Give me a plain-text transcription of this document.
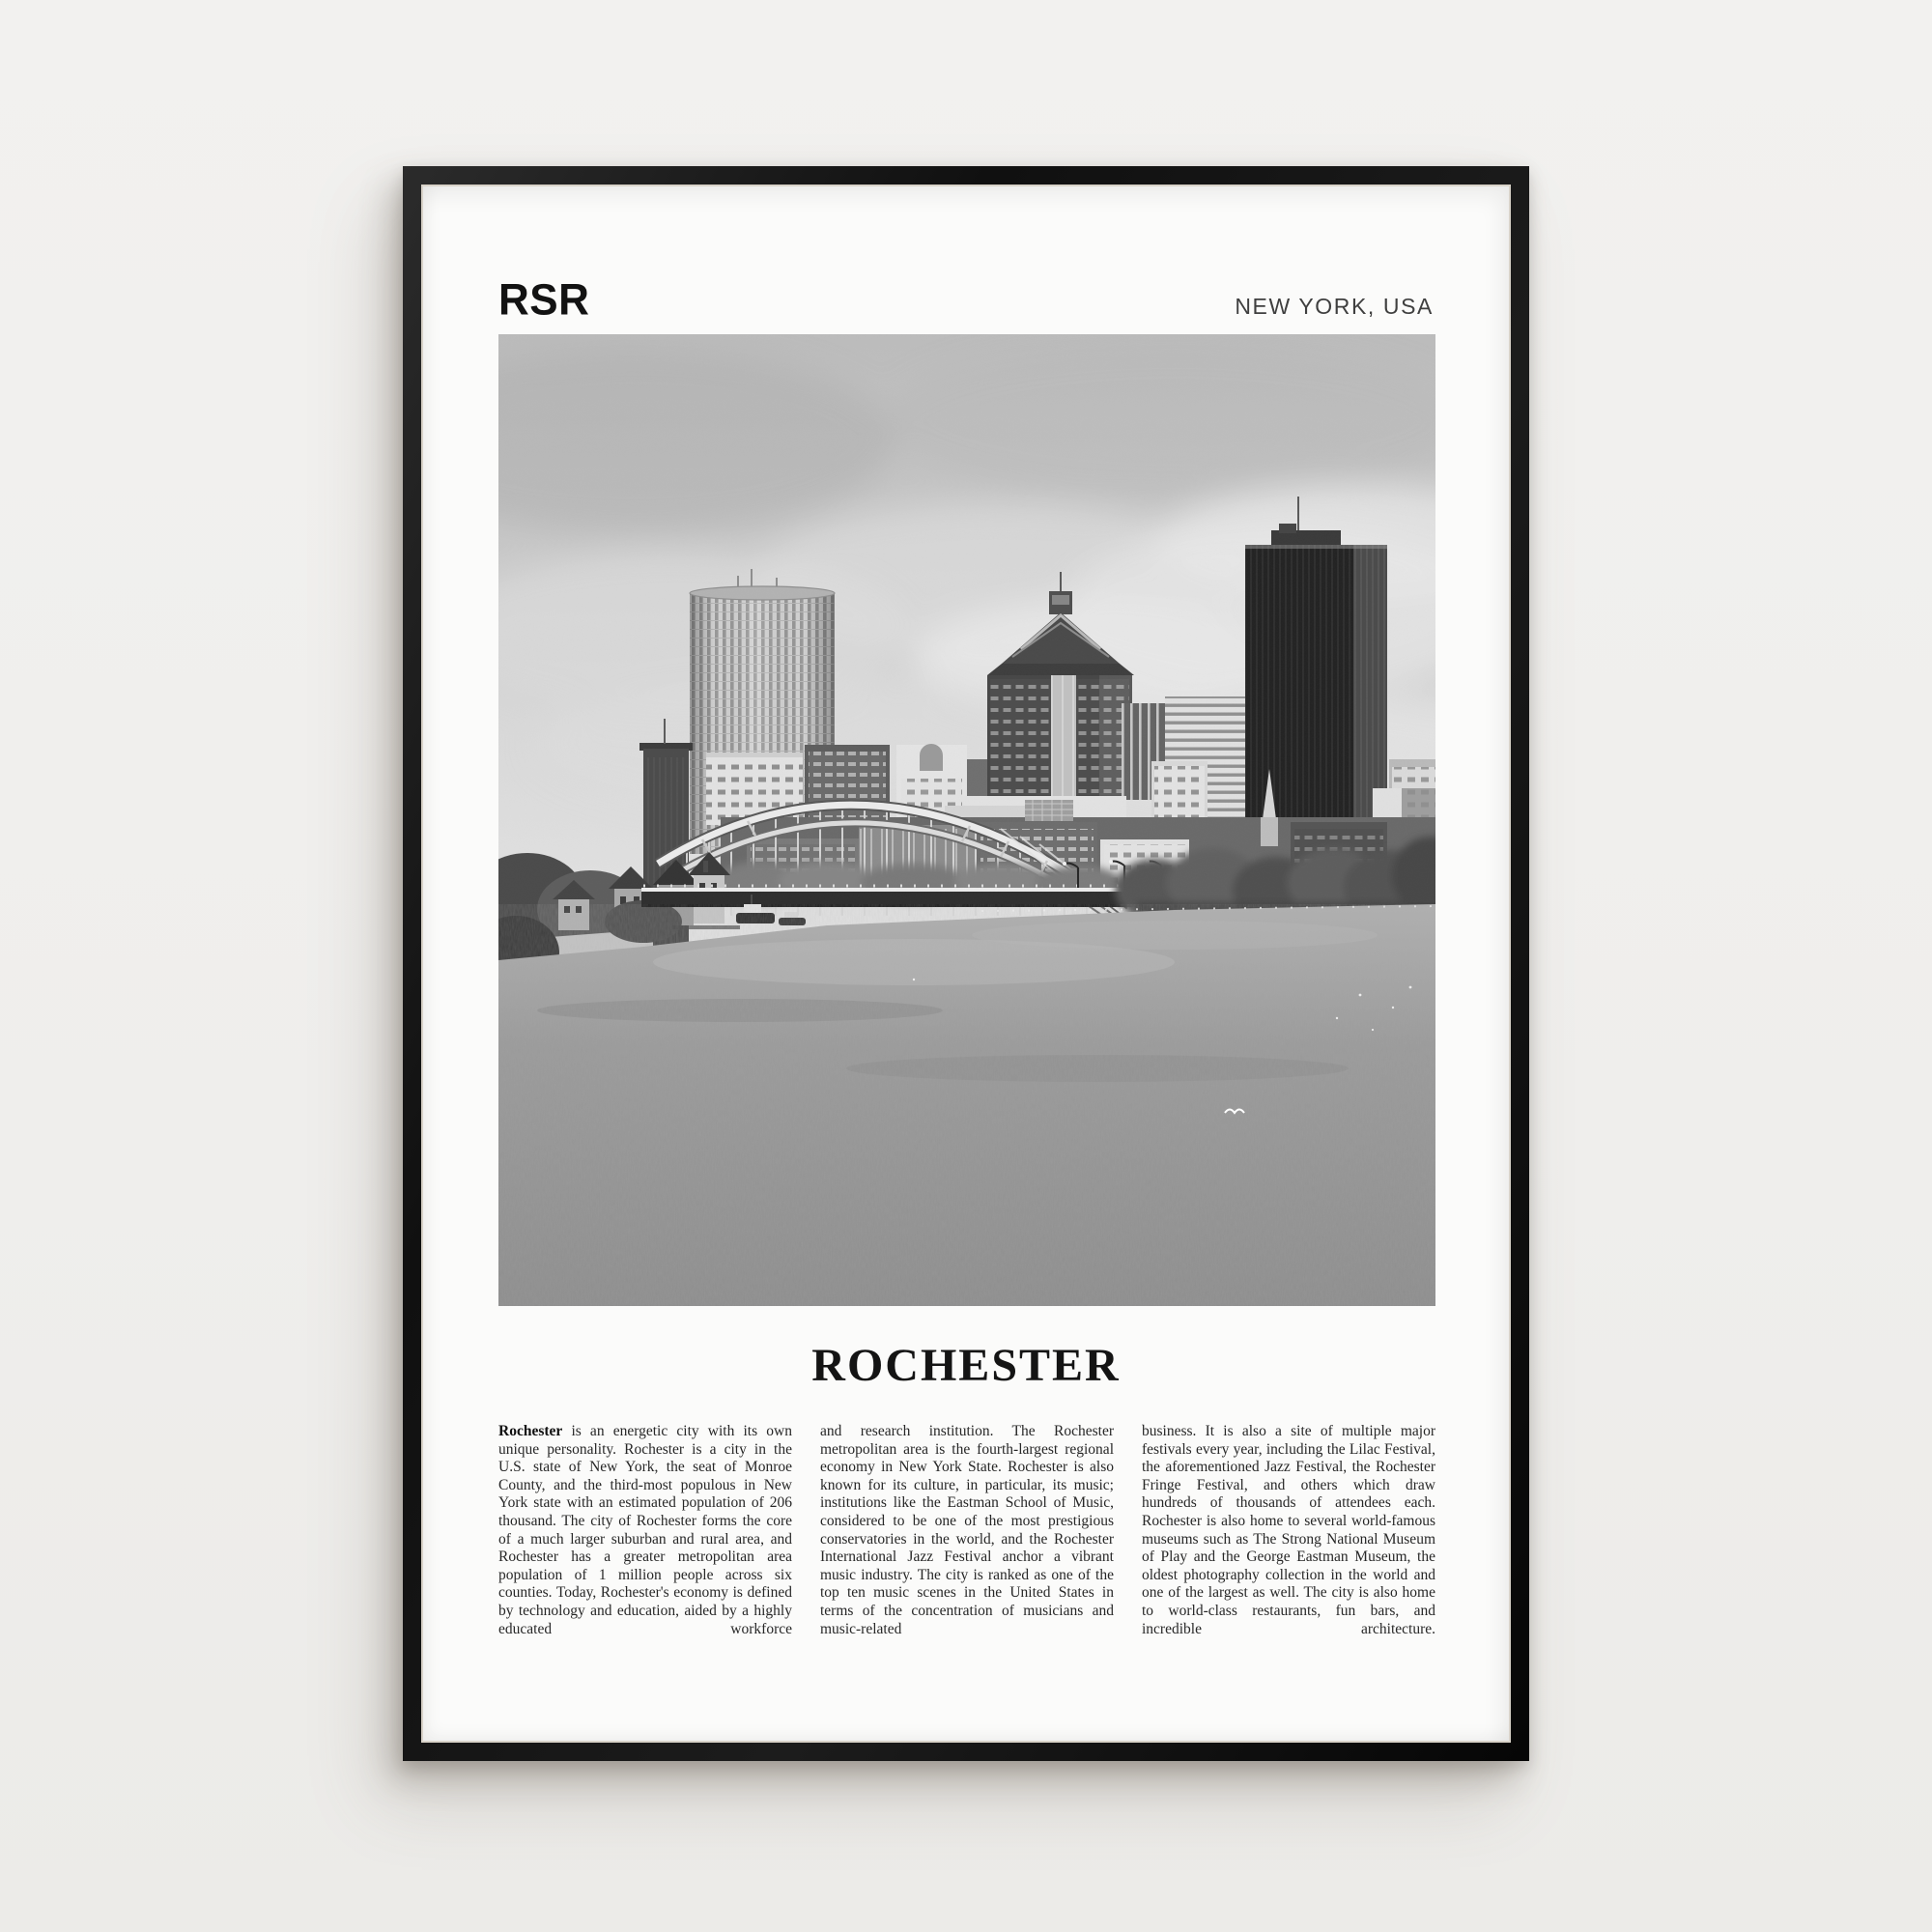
RSR	NEW YORK, USA
ROCHESTER

Rochester is an energetic city with its own unique personality. Rochester is a city in the U.S. state of New York, the seat of Monroe County, and the third-most populous in New York state with an estimated population of 206 thousand. The city of Rochester forms the core of a much larger suburban and rural area, and Rochester has a greater metropolitan area population of 1 million people across six counties. Today, Rochester's economy is defined by technology and education, aided by a highly educated workforce

and research institution. The Rochester metropolitan area is the fourth-largest regional economy in New York State. Rochester is also known for its culture, in particular, its music; institutions like the Eastman School of Music, considered to be one of the most prestigious conservatories in the world, and the Rochester International Jazz Festival anchor a vibrant music industry. The city is ranked as one of the top ten music scenes in the United States in terms of the concentration of musicians and music-related

business. It is also a site of multiple major festivals every year, including the Lilac Festival, the aforementioned Jazz Festival, the Rochester Fringe Festival, and others which draw hundreds of thousands of attendees each. Rochester is also home to several world-famous museums such as The Strong National Museum of Play and the George Eastman Museum, the oldest photography collection in the world and one of the largest as well. The city is also home to world-class restaurants, fun bars, and incredible architecture.
